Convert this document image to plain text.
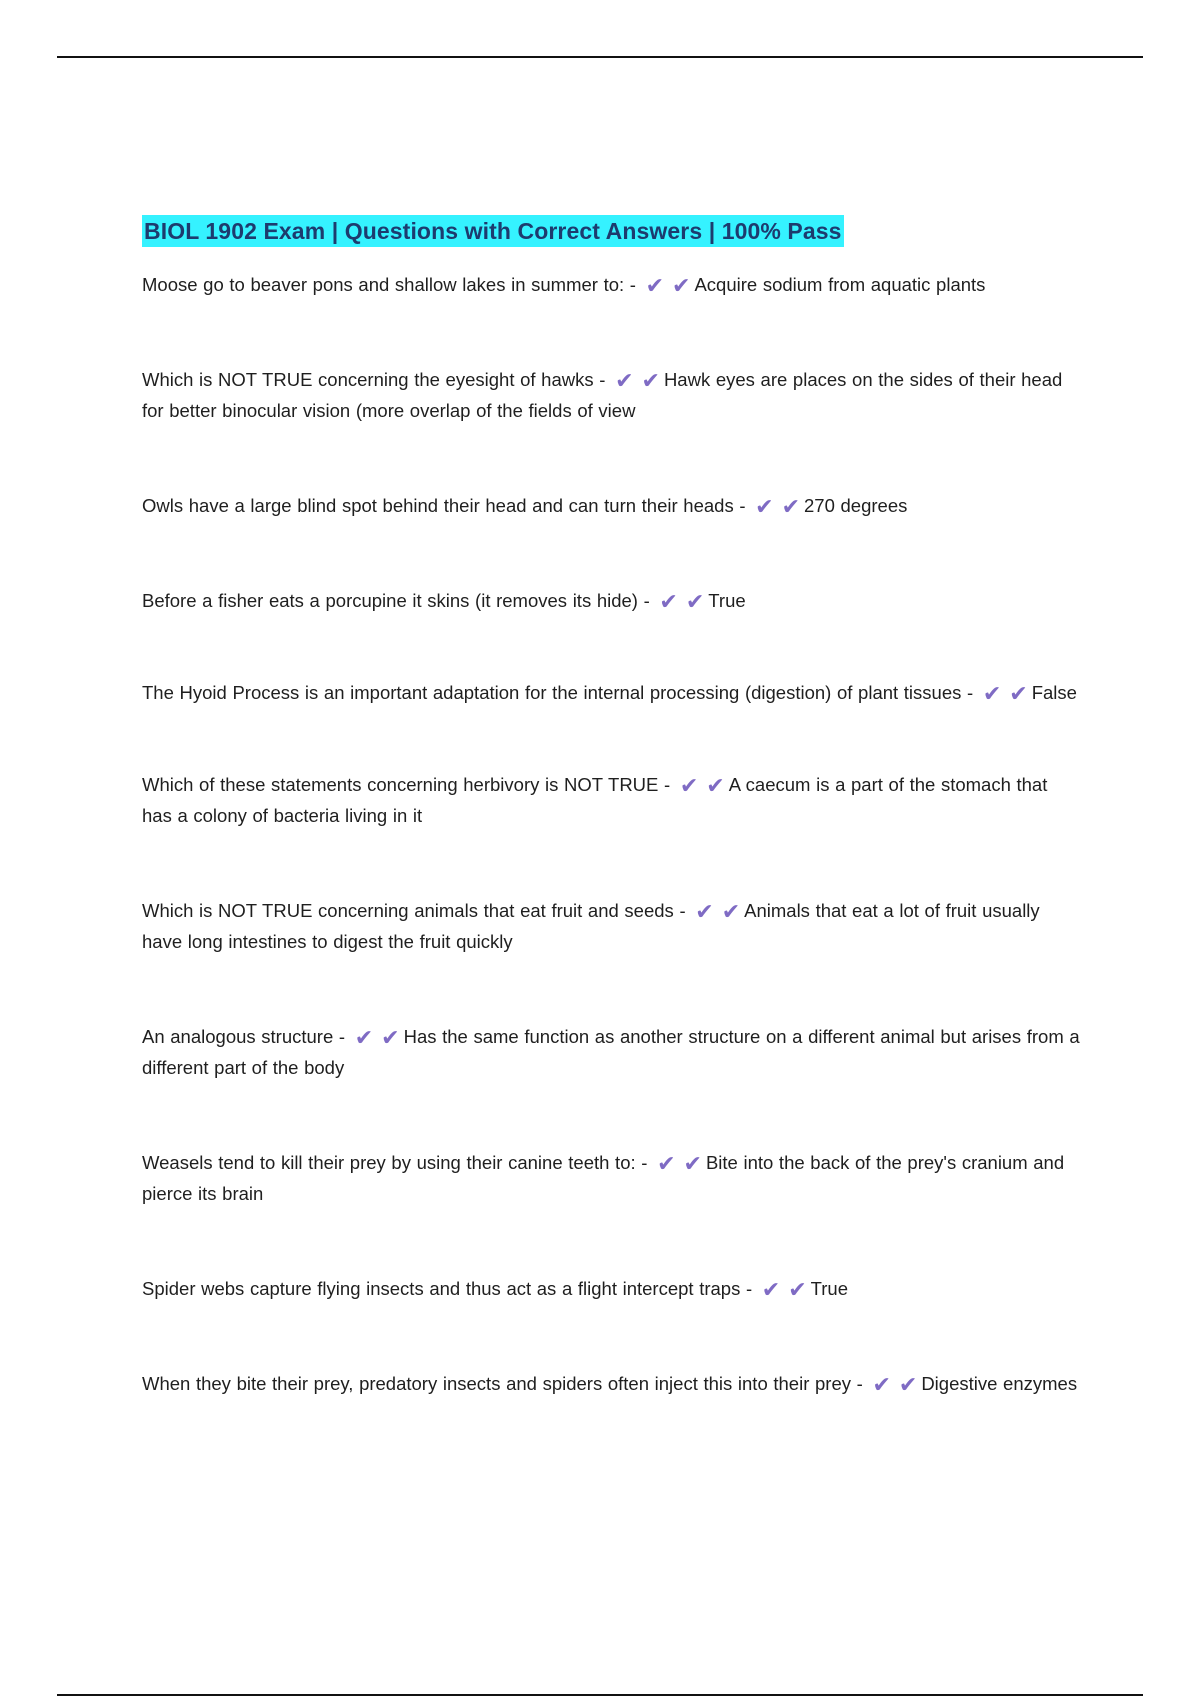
BIOL 1902 Exam | Questions with Correct Answers | 100% Pass

Moose go to beaver pons and shallow lakes in summer to: - ✔ ✔ Acquire sodium from aquatic plants

Which is NOT TRUE concerning the eyesight of hawks - ✔ ✔ Hawk eyes are places on the sides of their head for better binocular vision (more overlap of the fields of view

Owls have a large blind spot behind their head and can turn their heads - ✔ ✔ 270 degrees

Before a fisher eats a porcupine it skins (it removes its hide) - ✔ ✔ True

The Hyoid Process is an important adaptation for the internal processing (digestion) of plant tissues - ✔ ✔ False

Which of these statements concerning herbivory is NOT TRUE - ✔ ✔ A caecum is a part of the stomach that has a colony of bacteria living in it

Which is NOT TRUE concerning animals that eat fruit and seeds - ✔ ✔ Animals that eat a lot of fruit usually have long intestines to digest the fruit quickly

An analogous structure - ✔ ✔ Has the same function as another structure on a different animal but arises from a different part of the body

Weasels tend to kill their prey by using their canine teeth to: - ✔ ✔ Bite into the back of the prey's cranium and pierce its brain

Spider webs capture flying insects and thus act as a flight intercept traps - ✔ ✔ True

When they bite their prey, predatory insects and spiders often inject this into their prey - ✔ ✔ Digestive enzymes
